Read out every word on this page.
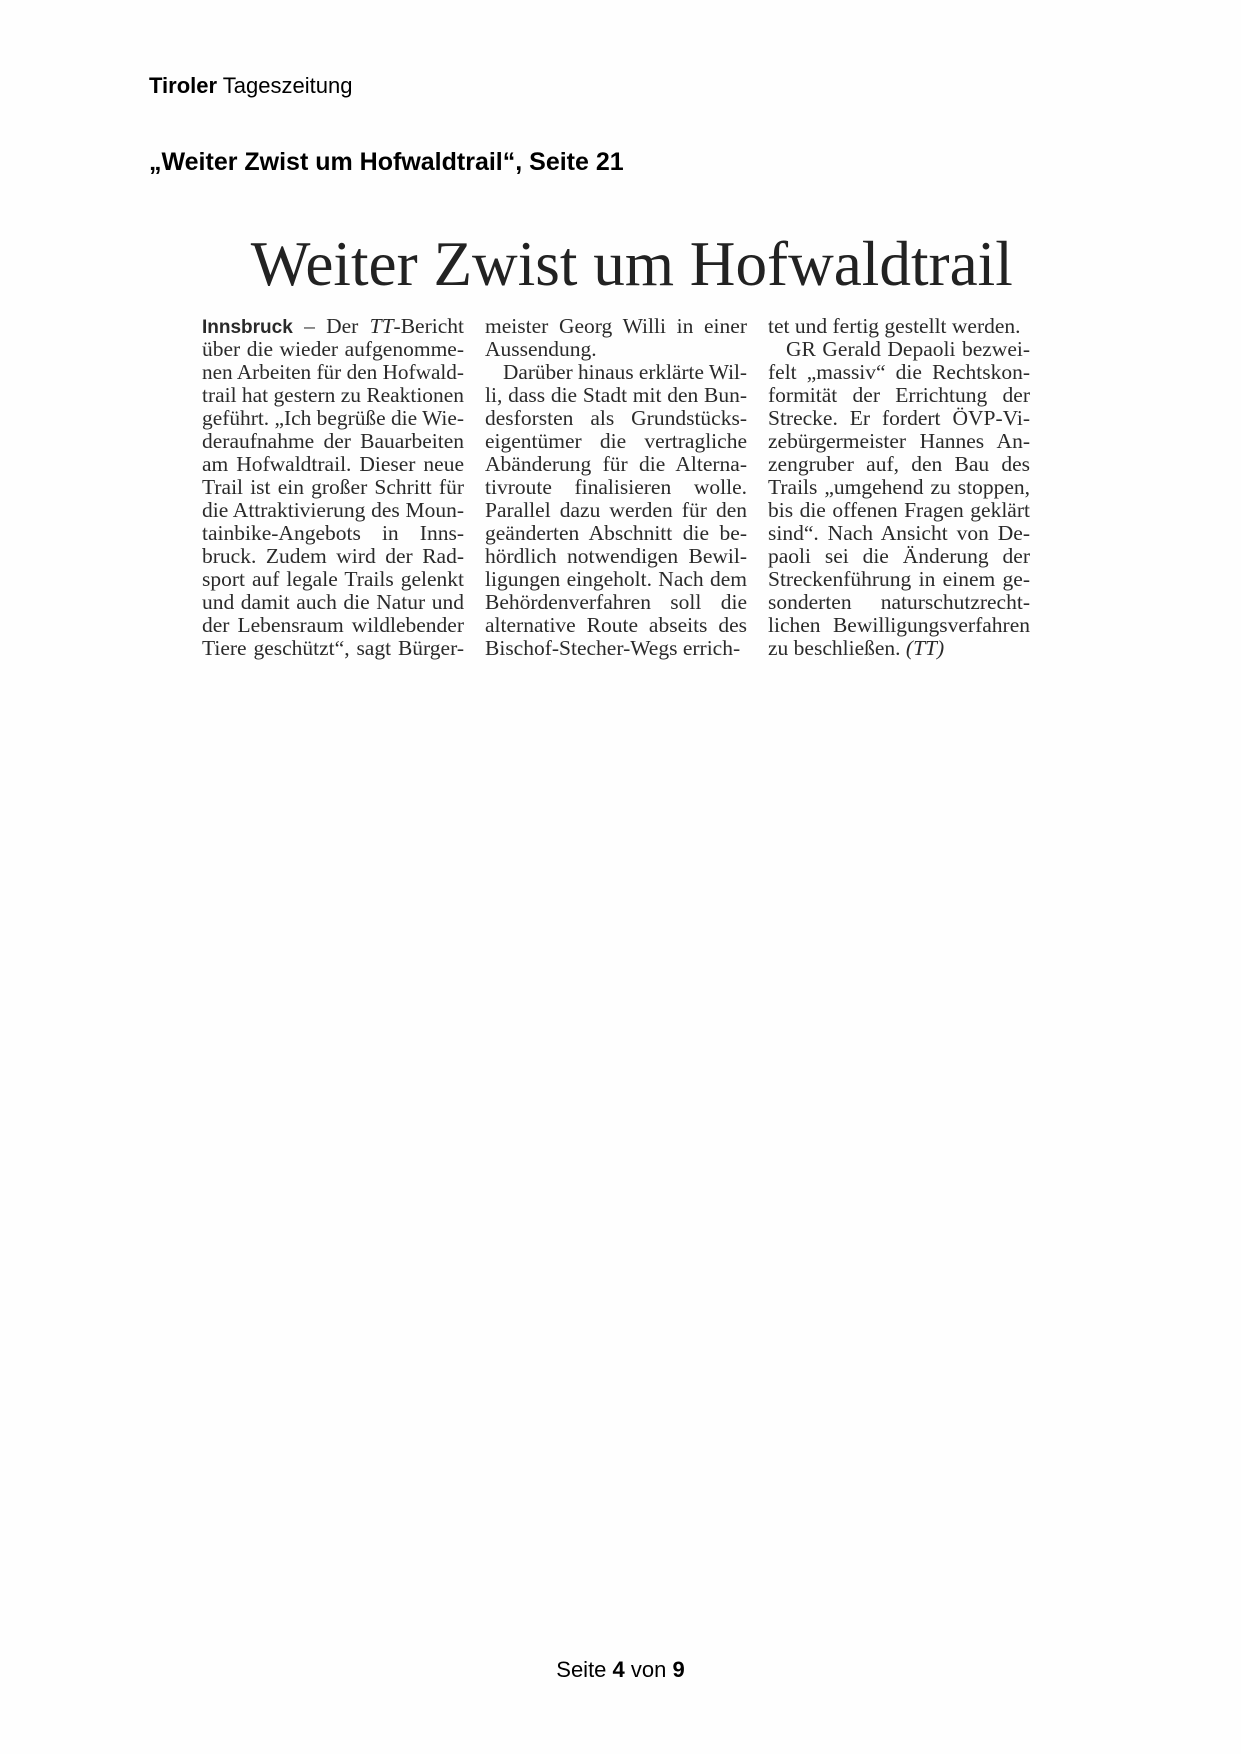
Tiroler Tageszeitung
„Weiter Zwist um Hofwaldtrail“, Seite 21
Weiter Zwist um Hofwaldtrail
Innsbruck – Der TT-Bericht
über die wieder aufgenomme-
nen Arbeiten für den Hofwald-
trail hat gestern zu Reaktionen
geführt. „Ich begrüße die Wie-
deraufnahme der Bauarbeiten
am Hofwaldtrail. Dieser neue
Trail ist ein großer Schritt für
die Attraktivierung des Moun-
tainbike-Angebots in Inns-
bruck. Zudem wird der Rad-
sport auf legale Trails gelenkt
und damit auch die Natur und
der Lebensraum wildlebender
Tiere geschützt“, sagt Bürger-
meister Georg Willi in einer
Aussendung.
Darüber hinaus erklärte Wil-
li, dass die Stadt mit den Bun-
desforsten als Grundstücks-
eigentümer die vertragliche
Abänderung für die Alterna-
tivroute finalisieren wolle.
Parallel dazu werden für den
geänderten Abschnitt die be-
hördlich notwendigen Bewil-
ligungen eingeholt. Nach dem
Behördenverfahren soll die
alternative Route abseits des
Bischof-Stecher-Wegs errich-
tet und fertig gestellt werden.
GR Gerald Depaoli bezwei-
felt „massiv“ die Rechtskon-
formität der Errichtung der
Strecke. Er fordert ÖVP-Vi-
zebürgermeister Hannes An-
zengruber auf, den Bau des
Trails „umgehend zu stoppen,
bis die offenen Fragen geklärt
sind“. Nach Ansicht von De-
paoli sei die Änderung der
Streckenführung in einem ge-
sonderten naturschutzrecht-
lichen Bewilligungsverfahren
zu beschließen. (TT)
Seite 4 von 9
